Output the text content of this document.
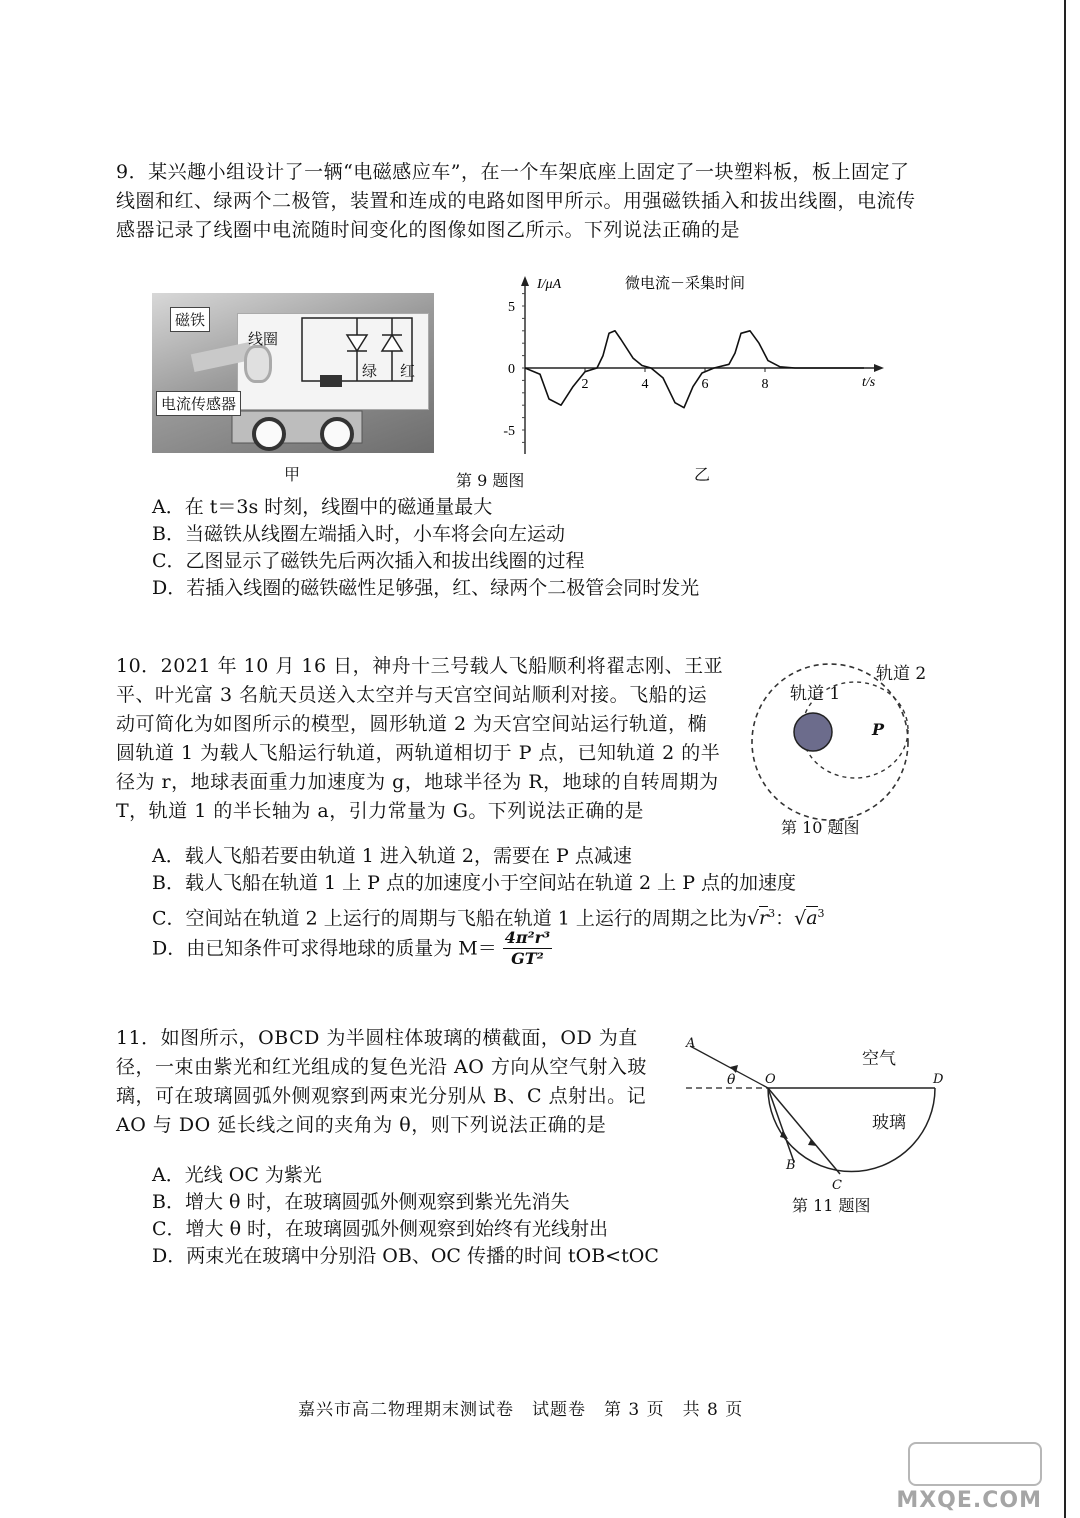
9．某兴趣小组设计了一辆“电磁感应车”，在一个车架底座上固定了一块塑料板，板上固定了线圈和红、绿两个二极管，装置和连成的电路如图甲所示。用强磁铁插入和拔出线圈，电流传感器记录了线圈中电流随时间变化的图像如图乙所示。下列说法正确的是
磁铁
线圈
绿 红
电流传感器
甲
5
0
-5
2	4	6	8
I/μA
t/s
微电流－采集时间
第 9 题图	乙
A．在 t＝3s 时刻，线圈中的磁通量最大
B．当磁铁从线圈左端插入时，小车将会向左运动
C．乙图显示了磁铁先后两次插入和拔出线圈的过程
D．若插入线圈的磁铁磁性足够强，红、绿两个二极管会同时发光
10．2021 年 10 月 16 日，神舟十三号载人飞船顺利将翟志刚、王亚平、叶光富 3 名航天员送入太空并与天宫空间站顺利对接。飞船的运动可简化为如图所示的模型，圆形轨道 2 为天宫空间站运行轨道，椭圆轨道 1 为载人飞船运行轨道，两轨道相切于 P 点，已知轨道 2 的半径为 r，地球表面重力加速度为 g，地球半径为 R，地球的自转周期为 T，轨道 1 的半长轴为 a，引力常量为 G。下列说法正确的是
轨道 2
轨道 1
P
第 10 题图
A．载人飞船若要由轨道 1 进入轨道 2，需要在 P 点减速
B．载人飞船在轨道 1 上 P 点的加速度小于空间站在轨道 2 上 P 点的加速度
C．空间站在轨道 2 上运行的周期与飞船在轨道 1 上运行的周期之比为$√r^3$：$√a^3$
D．由已知条件可求得地球的质量为 $M= \frac{\text{4π²r³}}{\text{GT²}}$
11．如图所示，OBCD 为半圆柱体玻璃的横截面，OD 为直径，一束由紫光和红光组成的复色光沿 AO 方向从空气射入玻璃，可在玻璃圆弧外侧观察到两束光分别从 B、C 点射出。记 AO 与 DO 延长线之间的夹角为 θ，则下列说法正确的是
A
θ O	D
B
C
空气
玻璃
第 11 题图
A．光线 OC 为紫光
B．增大 θ 时，在玻璃圆弧外侧观察到紫光先消失
C．增大 θ 时，在玻璃圆弧外侧观察到始终有光线射出
D．两束光在玻璃中分别沿 OB、OC 传播的时间 tOB<tOC
嘉兴市高二物理期末测试卷　试题卷　第 3 页　共 8 页
MXQE.COM
